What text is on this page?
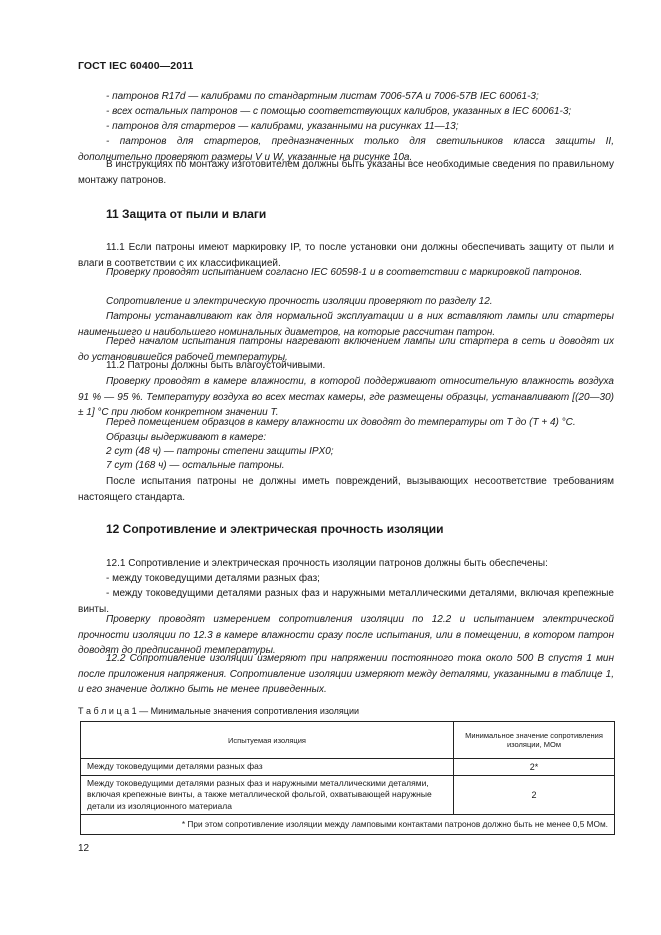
ГОСТ IEC 60400—2011
- патронов R17d — калибрами по стандартным листам 7006-57A и 7006-57B IEC 60061-3;
- всех остальных патронов — с помощью соответствующих калибров, указанных в IEC 60061-3;
- патронов для стартеров — калибрами, указанными на рисунках 11—13;
- патронов для стартеров, предназначенных только для светильников класса защиты II, дополнительно проверяют размеры V и W, указанные на рисунке 10а.
В инструкциях по монтажу изготовителем должны быть указаны все необходимые сведения по правильному монтажу патронов.
11 Защита от пыли и влаги
11.1 Если патроны имеют маркировку IP, то после установки они должны обеспечивать защиту от пыли и влаги в соответствии с их классификацией.
Проверку проводят испытанием согласно IEC 60598-1 и в соответствии с маркировкой патронов.
Сопротивление и электрическую прочность изоляции проверяют по разделу 12.
Патроны устанавливают как для нормальной эксплуатации и в них вставляют лампы или стартеры наименьшего и наибольшего номинальных диаметров, на которые рассчитан патрон.
Перед началом испытания патроны нагревают включением лампы или стартера в сеть и доводят их до установившейся рабочей температуры.
11.2 Патроны должны быть влагоустойчивыми.
Проверку проводят в камере влажности, в которой поддерживают относительную влажность воздуха 91 % — 95 %. Температуру воздуха во всех местах камеры, где размещены образцы, устанавливают [(20—30) ± 1] °С при любом конкретном значении T.
Перед помещением образцов в камеру влажности их доводят до температуры от T до (T + 4) °С.
Образцы выдерживают в камере:
2 сут (48 ч) — патроны степени защиты IPX0;
7 сут (168 ч) — остальные патроны.
После испытания патроны не должны иметь повреждений, вызывающих несоответствие требованиям настоящего стандарта.
12 Сопротивление и электрическая прочность изоляции
12.1 Сопротивление и электрическая прочность изоляции патронов должны быть обеспечены:
- между токоведущими деталями разных фаз;
- между токоведущими деталями разных фаз и наружными металлическими деталями, включая крепежные винты.
Проверку проводят измерением сопротивления изоляции по 12.2 и испытанием электрической прочности изоляции по 12.3 в камере влажности сразу после испытания, или в помещении, в котором патрон доводят до предписанной температуры.
12.2 Сопротивление изоляции измеряют при напряжении постоянного тока около 500 В спустя 1 мин после приложения напряжения. Сопротивление изоляции измеряют между деталями, указанными в таблице 1, и его значение должно быть не менее приведенных.
Т а б л и ц а 1 — Минимальные значения сопротивления изоляции
Испытуемая изоляция	Минимальное значение сопротивления изоляции, МОм
Между токоведущими деталями разных фаз	2*
Между токоведущими деталями разных фаз и наружными металлическими деталями, включая крепежные винты, а также металлической фольгой, охватывающей наружные детали из изоляционного материала	2
* При этом сопротивление изоляции между ламповыми контактами патронов должно быть не менее 0,5 МОм.	
12
